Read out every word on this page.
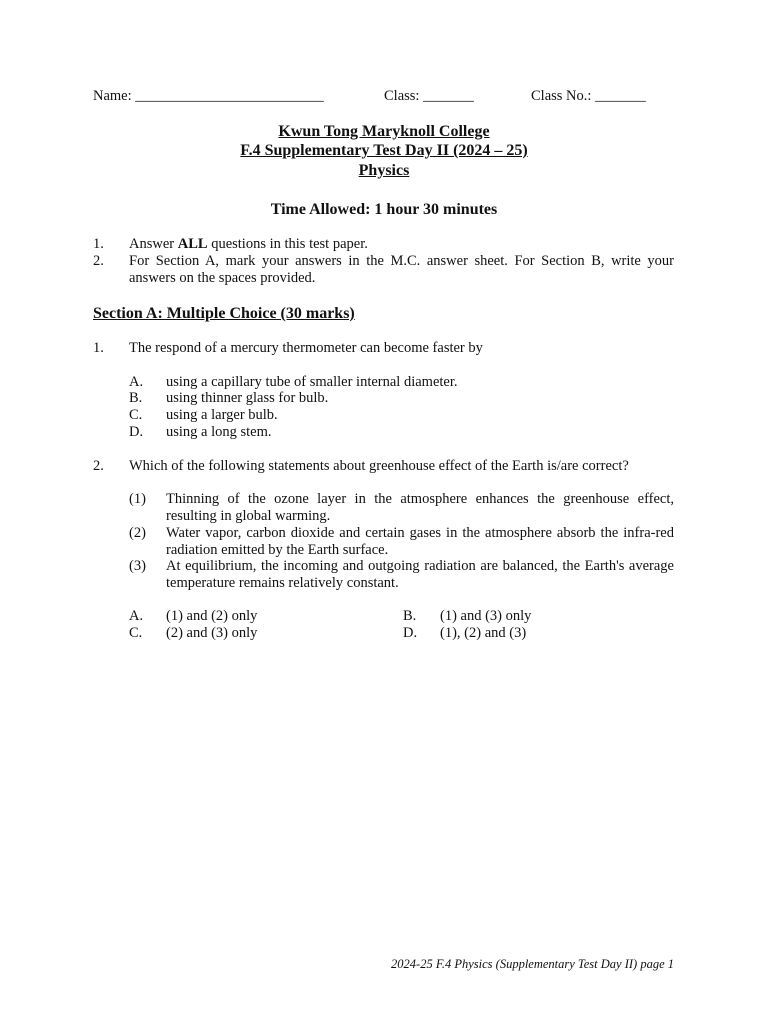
Name: __________________________	Class: _______	Class No.: _______
Kwun Tong Maryknoll College
F.4 Supplementary Test Day II (2024 – 25)
Physics
Time Allowed: 1 hour 30 minutes
1. Answer ALL questions in this test paper.
2. For Section A, mark your answers in the M.C. answer sheet. For Section B, write your answers on the spaces provided.
Section A: Multiple Choice (30 marks)
1. The respond of a mercury thermometer can become faster by
A. using a capillary tube of smaller internal diameter.
B. using thinner glass for bulb.
C. using a larger bulb.
D. using a long stem.
2. Which of the following statements about greenhouse effect of the Earth is/are correct?
(1) Thinning of the ozone layer in the atmosphere enhances the greenhouse effect, resulting in global warming.
(2) Water vapor, carbon dioxide and certain gases in the atmosphere absorb the infra-red radiation emitted by the Earth surface.
(3) At equilibrium, the incoming and outgoing radiation are balanced, the Earth's average temperature remains relatively constant.
A. (1) and (2) only	B. (1) and (3) only
C. (2) and (3) only	D. (1), (2) and (3)
2024-25 F.4 Physics (Supplementary Test Day II) page 1
